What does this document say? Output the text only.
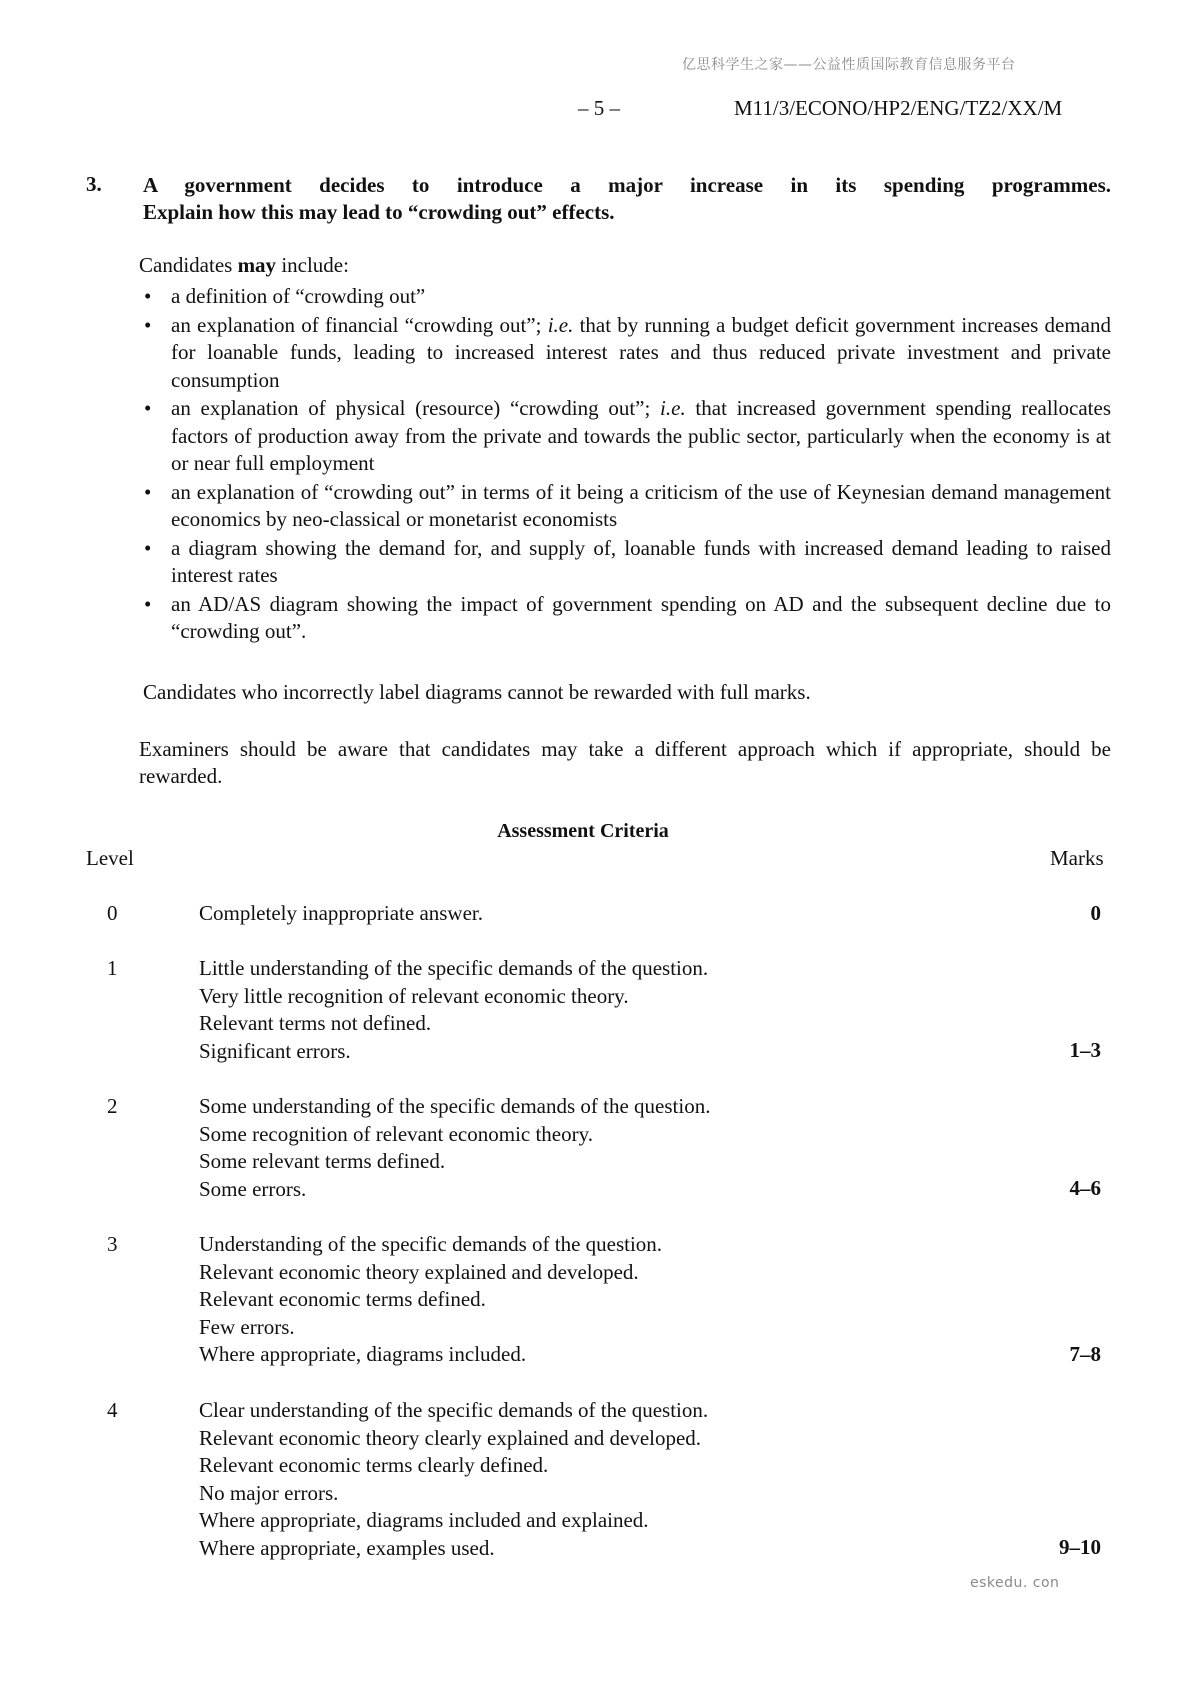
亿思科学生之家——公益性质国际教育信息服务平台
– 5 –	M11/3/ECONO/HP2/ENG/TZ2/XX/M
3. A government decides to introduce a major increase in its spending programmes.
Explain how this may lead to “crowding out” effects.
Candidates may include:
• a definition of “crowding out”
• an explanation of financial “crowding out”; i.e. that by running a budget deficit government increases demand for loanable funds, leading to increased interest rates and thus reduced private investment and private consumption
• an explanation of physical (resource) “crowding out”; i.e. that increased government spending reallocates factors of production away from the private and towards the public sector, particularly when the economy is at or near full employment
• an explanation of “crowding out” in terms of it being a criticism of the use of Keynesian demand management economics by neo-classical or monetarist economists
• a diagram showing the demand for, and supply of, loanable funds with increased demand leading to raised interest rates
• an AD/AS diagram showing the impact of government spending on AD and the subsequent decline due to “crowding out”.
Candidates who incorrectly label diagrams cannot be rewarded with full marks.
Examiners should be aware that candidates may take a different approach which if appropriate, should be rewarded.
Assessment Criteria
Level	Marks
0	Completely inappropriate answer.	0
1	Little understanding of the specific demands of the question.
Very little recognition of relevant economic theory.
Relevant terms not defined.
Significant errors.	1–3
2	Some understanding of the specific demands of the question.
Some recognition of relevant economic theory.
Some relevant terms defined.
Some errors.	4–6
3	Understanding of the specific demands of the question.
Relevant economic theory explained and developed.
Relevant economic terms defined.
Few errors.
Where appropriate, diagrams included.	7–8
4	Clear understanding of the specific demands of the question.
Relevant economic theory clearly explained and developed.
Relevant economic terms clearly defined.
No major errors.
Where appropriate, diagrams included and explained.
Where appropriate, examples used.	9–10
eskedu. con
